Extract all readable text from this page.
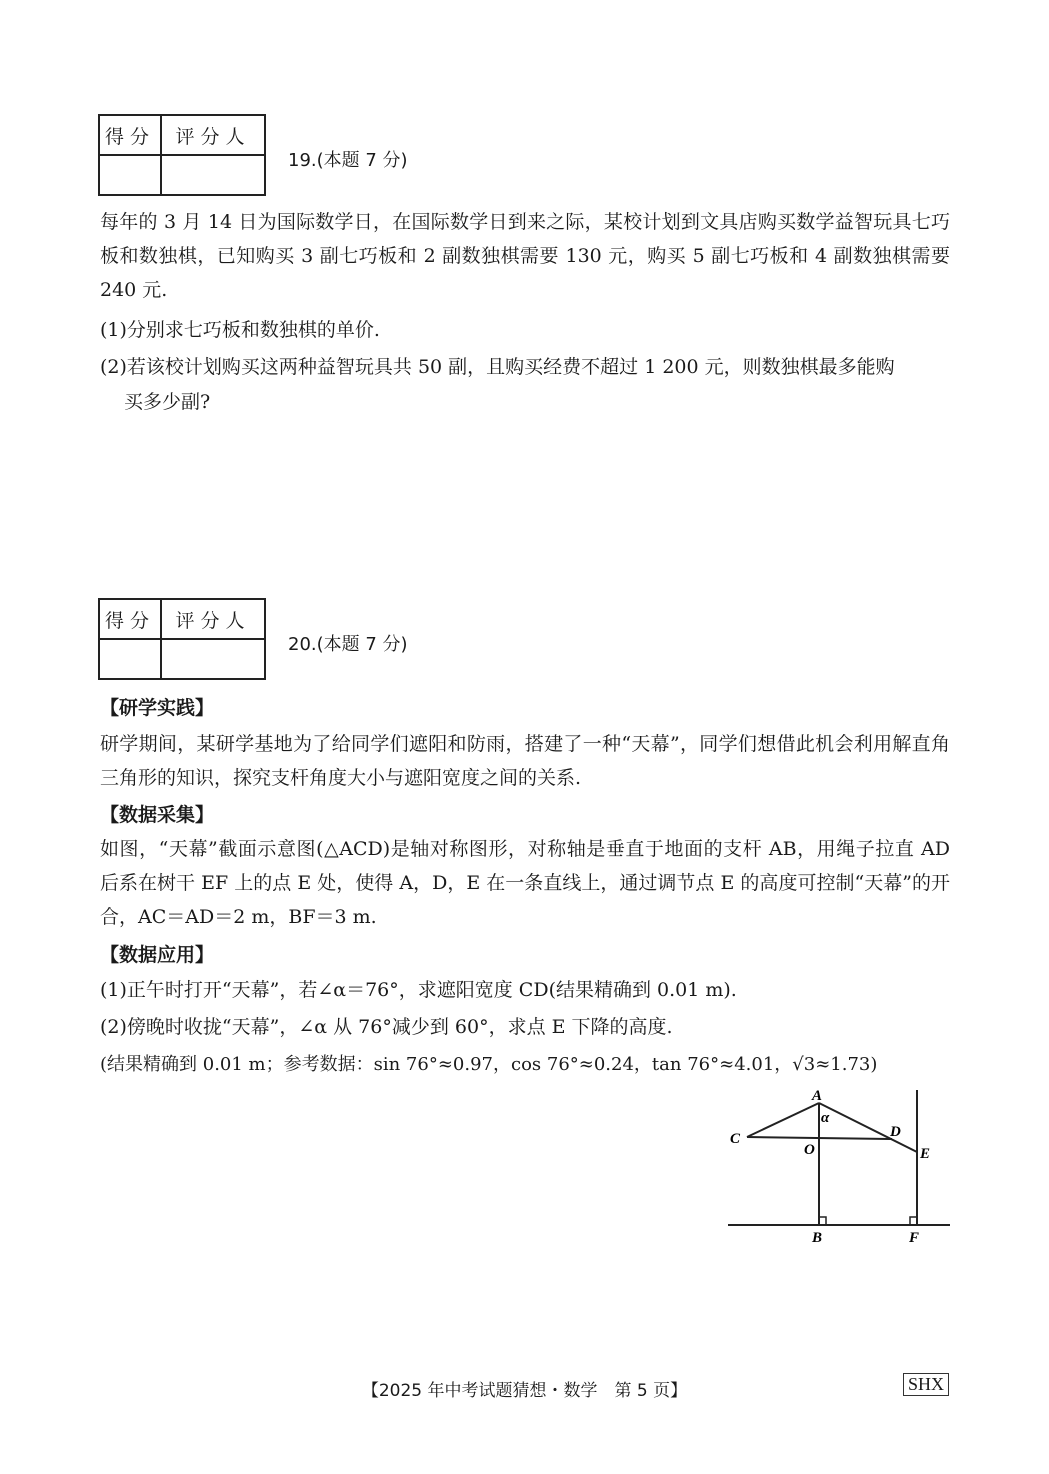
得分	评分人

19.(本题 7 分)

每年的 3 月 14 日为国际数学日，在国际数学日到来之际，某校计划到文具店购买数学益智玩具七巧板和数独棋，已知购买 3 副七巧板和 2 副数独棋需要 130 元，购买 5 副七巧板和 4 副数独棋需要 240 元.

(1)分别求七巧板和数独棋的单价.

(2)若该校计划购买这两种益智玩具共 50 副，且购买经费不超过 1 200 元，则数独棋最多能购

买多少副?

得分	评分人

20.(本题 7 分)

【研学实践】

研学期间，某研学基地为了给同学们遮阳和防雨，搭建了一种“天幕”，同学们想借此机会利用解直角三角形的知识，探究支杆角度大小与遮阳宽度之间的关系.

【数据采集】

如图，“天幕”截面示意图(△ACD)是轴对称图形，对称轴是垂直于地面的支杆 AB，用绳子拉直 AD 后系在树干 EF 上的点 E 处，使得 A，D，E 在一条直线上，通过调节点 E 的高度可控制“天幕”的开合，AC＝AD＝2 m，BF＝3 m.

【数据应用】

(1)正午时打开“天幕”，若∠α＝76°，求遮阳宽度 CD(结果精确到 0.01 m).

(2)傍晚时收拢“天幕”，∠α 从 76°减少到 60°，求点 E 下降的高度.

(结果精确到 0.01 m；参考数据：sin 76°≈0.97，cos 76°≈0.24，tan 76°≈4.01，√3≈1.73)

A
α
C	D
O	E
B	F
【2025 年中考试题猜想・数学　第 5 页】	SHX
